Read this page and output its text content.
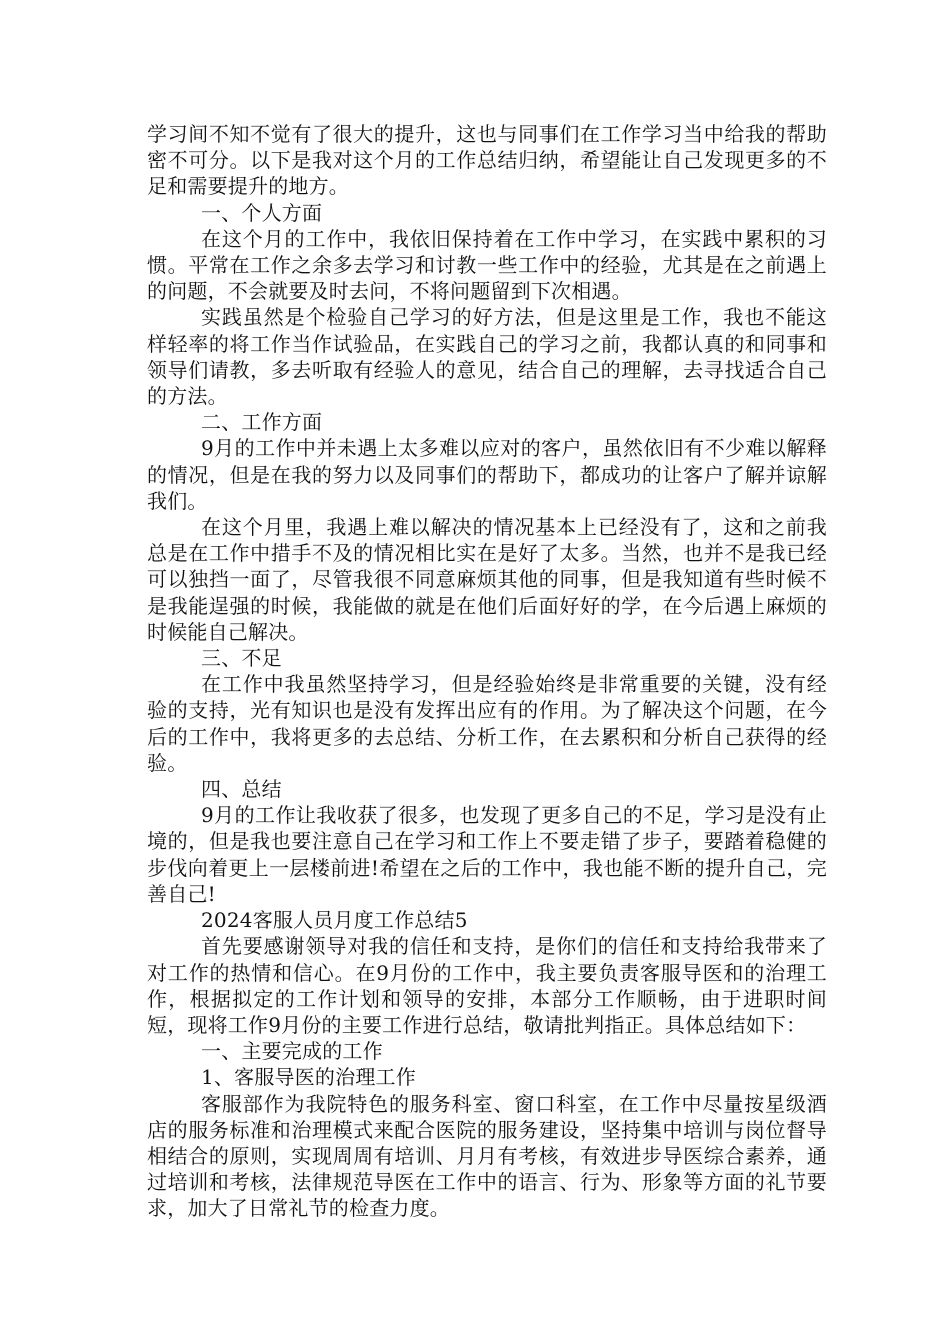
学习间不知不觉有了很大的提升，这也与同事们在工作学习当中给我的帮助密不可分。以下是我对这个月的工作总结归纳，希望能让自己发现更多的不足和需要提升的地方。

一、个人方面

在这个月的工作中，我依旧保持着在工作中学习，在实践中累积的习惯。平常在工作之余多去学习和讨教一些工作中的经验，尤其是在之前遇上的问题，不会就要及时去问，不将问题留到下次相遇。

实践虽然是个检验自己学习的好方法，但是这里是工作，我也不能这样轻率的将工作当作试验品，在实践自己的学习之前，我都认真的和同事和领导们请教，多去听取有经验人的意见，结合自己的理解，去寻找适合自己的方法。

二、工作方面

9月的工作中并未遇上太多难以应对的客户，虽然依旧有不少难以解释的情况，但是在我的努力以及同事们的帮助下，都成功的让客户了解并谅解我们。

在这个月里，我遇上难以解决的情况基本上已经没有了，这和之前我总是在工作中措手不及的情况相比实在是好了太多。当然，也并不是我已经可以独挡一面了，尽管我很不同意麻烦其他的同事，但是我知道有些时候不是我能逞强的时候，我能做的就是在他们后面好好的学，在今后遇上麻烦的时候能自己解决。

三、不足

在工作中我虽然坚持学习，但是经验始终是非常重要的关键，没有经验的支持，光有知识也是没有发挥出应有的作用。为了解决这个问题，在今后的工作中，我将更多的去总结、分析工作，在去累积和分析自己获得的经验。

四、总结

9月的工作让我收获了很多，也发现了更多自己的不足，学习是没有止境的，但是我也要注意自己在学习和工作上不要走错了步子，要踏着稳健的步伐向着更上一层楼前进!希望在之后的工作中，我也能不断的提升自己，完善自己!

2024客服人员月度工作总结5

首先要感谢领导对我的信任和支持，是你们的信任和支持给我带来了对工作的热情和信心。在9月份的工作中，我主要负责客服导医和的治理工作，根据拟定的工作计划和领导的安排，本部分工作顺畅，由于进职时间短，现将工作9月份的主要工作进行总结，敬请批判指正。具体总结如下：

一、主要完成的工作

1、客服导医的治理工作

客服部作为我院特色的服务科室、窗口科室，在工作中尽量按星级酒店的服务标准和治理模式来配合医院的服务建设，坚持集中培训与岗位督导相结合的原则，实现周周有培训、月月有考核，有效进步导医综合素养，通过培训和考核，法律规范导医在工作中的语言、行为、形象等方面的礼节要求，加大了日常礼节的检查力度。
